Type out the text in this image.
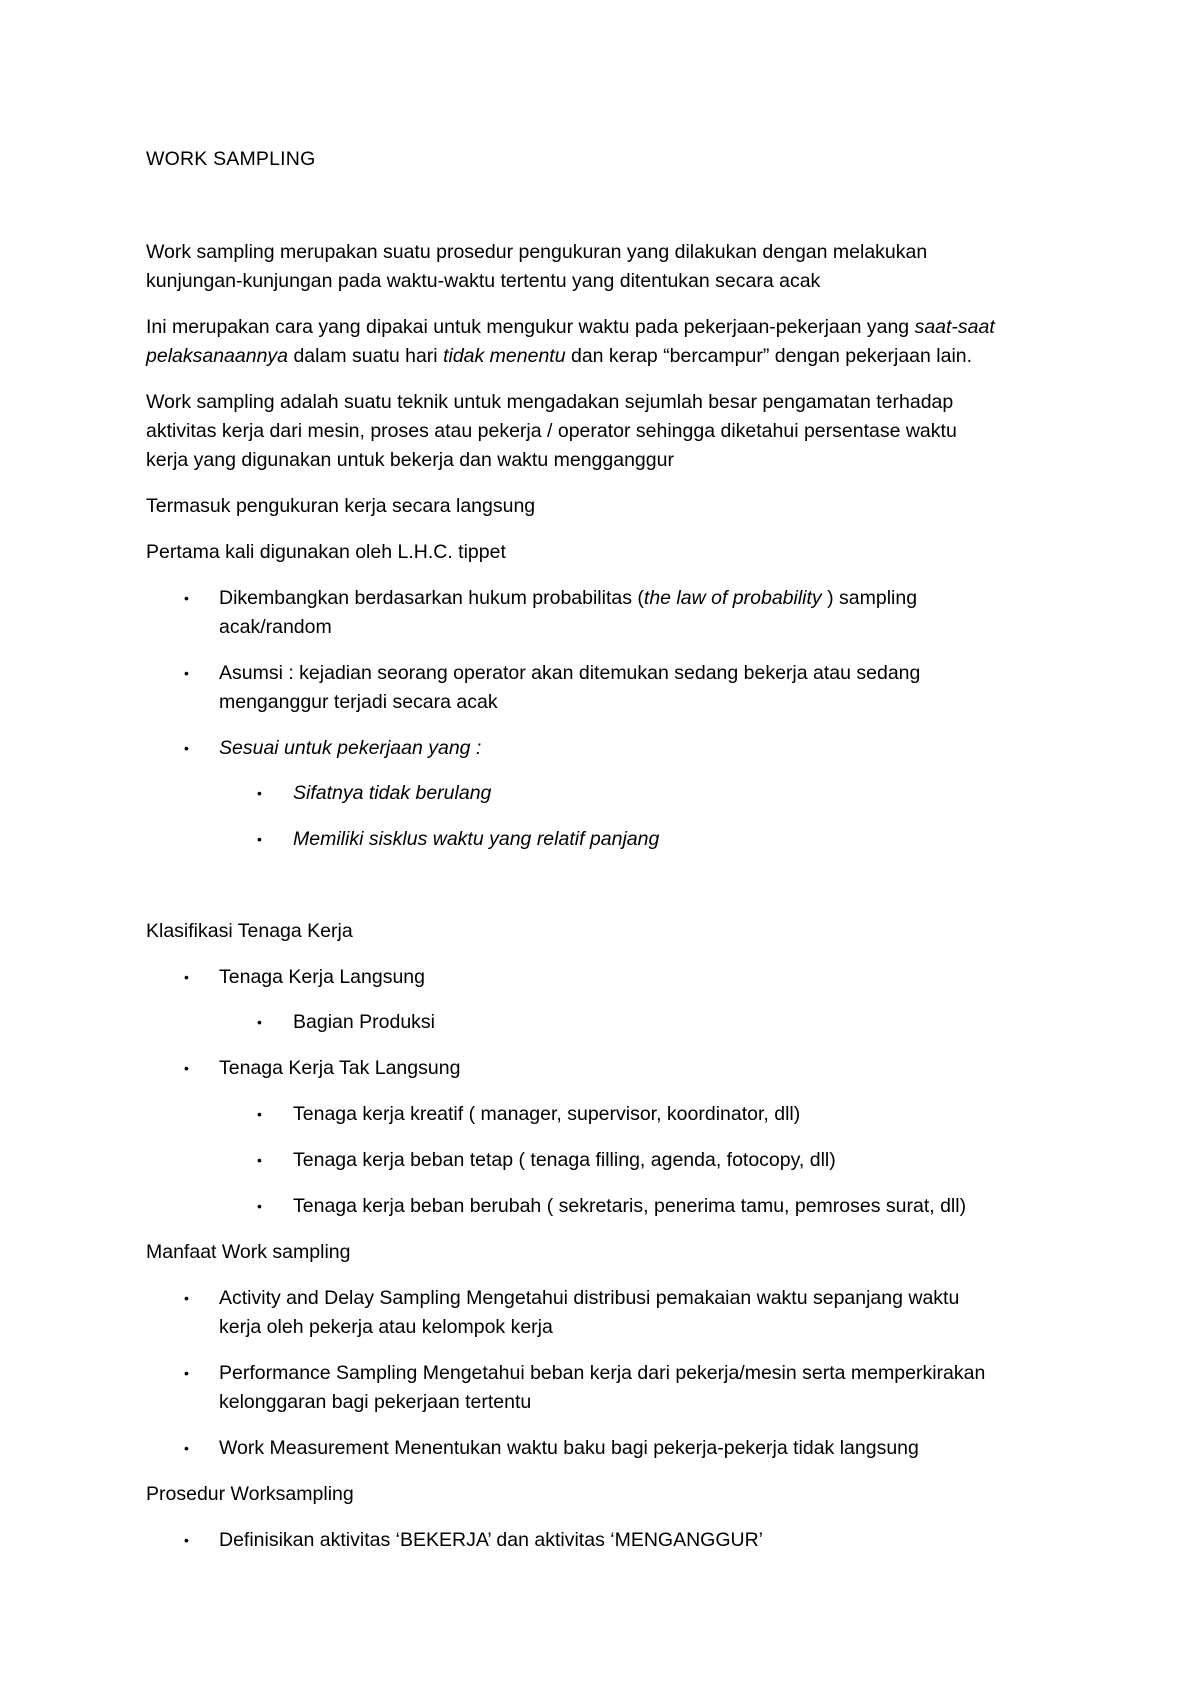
WORK SAMPLING
Work sampling merupakan suatu prosedur pengukuran yang dilakukan dengan melakukan
kunjungan-kunjungan pada waktu-waktu tertentu yang ditentukan secara acak
Ini merupakan cara yang dipakai untuk mengukur waktu pada pekerjaan-pekerjaan yang saat-saat
pelaksanaannya dalam suatu hari tidak menentu dan kerap “bercampur” dengan pekerjaan lain.
Work sampling adalah suatu teknik untuk mengadakan sejumlah besar pengamatan terhadap
aktivitas kerja dari mesin, proses atau pekerja / operator sehingga diketahui persentase waktu
kerja yang digunakan untuk bekerja dan waktu mengganggur
Termasuk pengukuran kerja secara langsung
Pertama kali digunakan oleh L.H.C. tippet
• Dikembangkan berdasarkan hukum probabilitas (the law of probability ) sampling
acak/random
• Asumsi : kejadian seorang operator akan ditemukan sedang bekerja atau sedang
menganggur terjadi secara acak
• Sesuai untuk pekerjaan yang :
• Sifatnya tidak berulang
• Memiliki sisklus waktu yang relatif panjang
Klasifikasi Tenaga Kerja
• Tenaga Kerja Langsung
• Bagian Produksi
• Tenaga Kerja Tak Langsung
• Tenaga kerja kreatif ( manager, supervisor, koordinator, dll)
• Tenaga kerja beban tetap ( tenaga filling, agenda, fotocopy, dll)
• Tenaga kerja beban berubah ( sekretaris, penerima tamu, pemroses surat, dll)
Manfaat Work sampling
• Activity and Delay Sampling Mengetahui distribusi pemakaian waktu sepanjang waktu
kerja oleh pekerja atau kelompok kerja
• Performance Sampling Mengetahui beban kerja dari pekerja/mesin serta memperkirakan
kelonggaran bagi pekerjaan tertentu
• Work Measurement Menentukan waktu baku bagi pekerja-pekerja tidak langsung
Prosedur Worksampling
• Definisikan aktivitas ‘BEKERJA’ dan aktivitas ‘MENGANGGUR’
